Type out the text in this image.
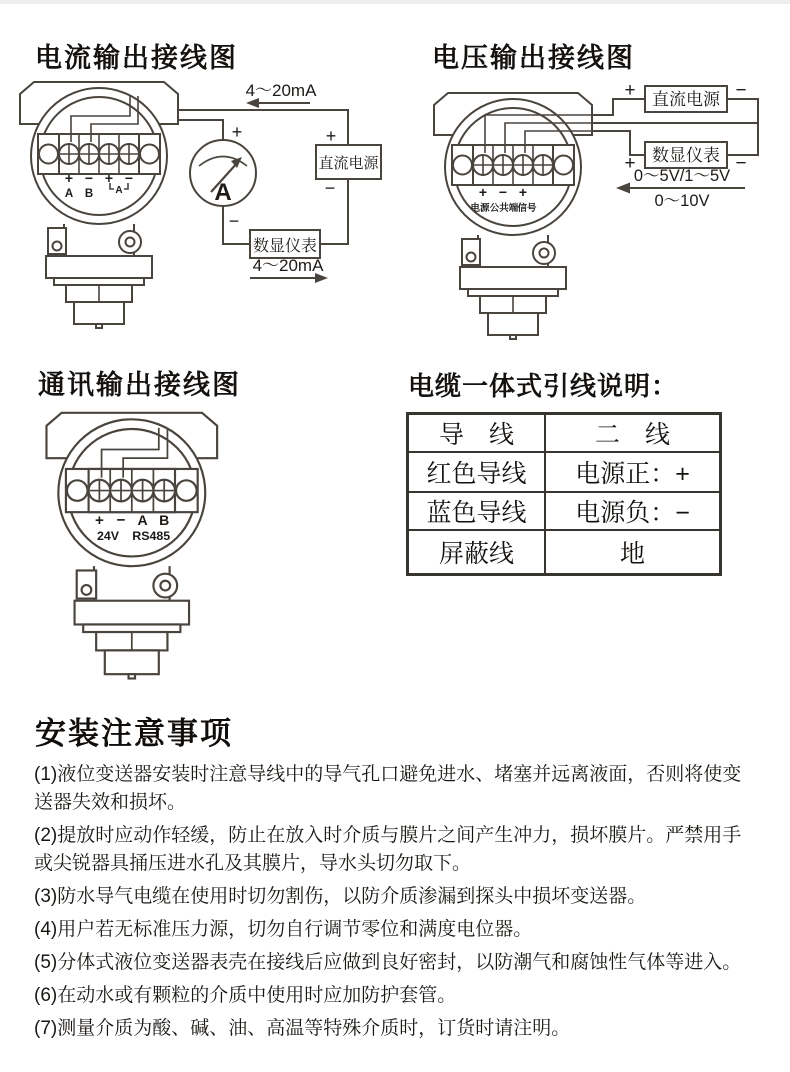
电流输出接线图
+ − + −
A B A	A
+
−
直流电源
+
−
数显仪表
4～20mA
4～20mA
电压输出接线图
+ − +
电源 公共端 信号
直流电源
+	−
数显仪表
+	−
0～5V/1～5V
0～10V
通讯输出接线图
+ − A B
24V RS485
电缆一体式引线说明：
导　线	二　线
红色导线	电源正：+
蓝色导线	电源负：−
屏蔽线	地
安装注意事项

(1)液位变送器安装时注意导线中的导气孔口避免进水、堵塞并远离液面，否则将使变送器失效和损坏。

(2)提放时应动作轻缓，防止在放入时介质与膜片之间产生冲力，损坏膜片。严禁用手或尖锐器具捅压进水孔及其膜片，导水头切勿取下。

(3)防水导气电缆在使用时切勿割伤，以防介质渗漏到探头中损坏变送器。

(4)用户若无标准压力源，切勿自行调节零位和满度电位器。

(5)分体式液位变送器表壳在接线后应做到良好密封，以防潮气和腐蚀性气体等进入。

(6)在动水或有颗粒的介质中使用时应加防护套管。

(7)测量介质为酸、碱、油、高温等特殊介质时，订货时请注明。
